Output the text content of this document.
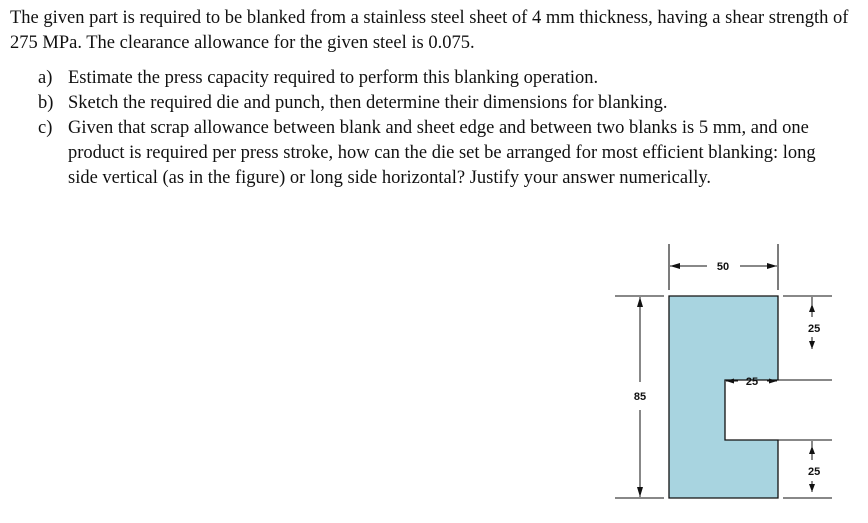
The given part is required to be blanked from a stainless steel sheet of 4 mm thickness, having a shear strength of 275 MPa. The clearance allowance for the given steel is 0.075.

a) Estimate the press capacity required to perform this blanking operation.
b) Sketch the required die and punch, then determine their dimensions for blanking.
c) Given that scrap allowance between blank and sheet edge and between two blanks is 5 mm, and one product is required per press stroke, how can the die set be arranged for most efficient blanking: long side vertical (as in the figure) or long side horizontal? Justify your answer numerically.
50
85
25
25
25
